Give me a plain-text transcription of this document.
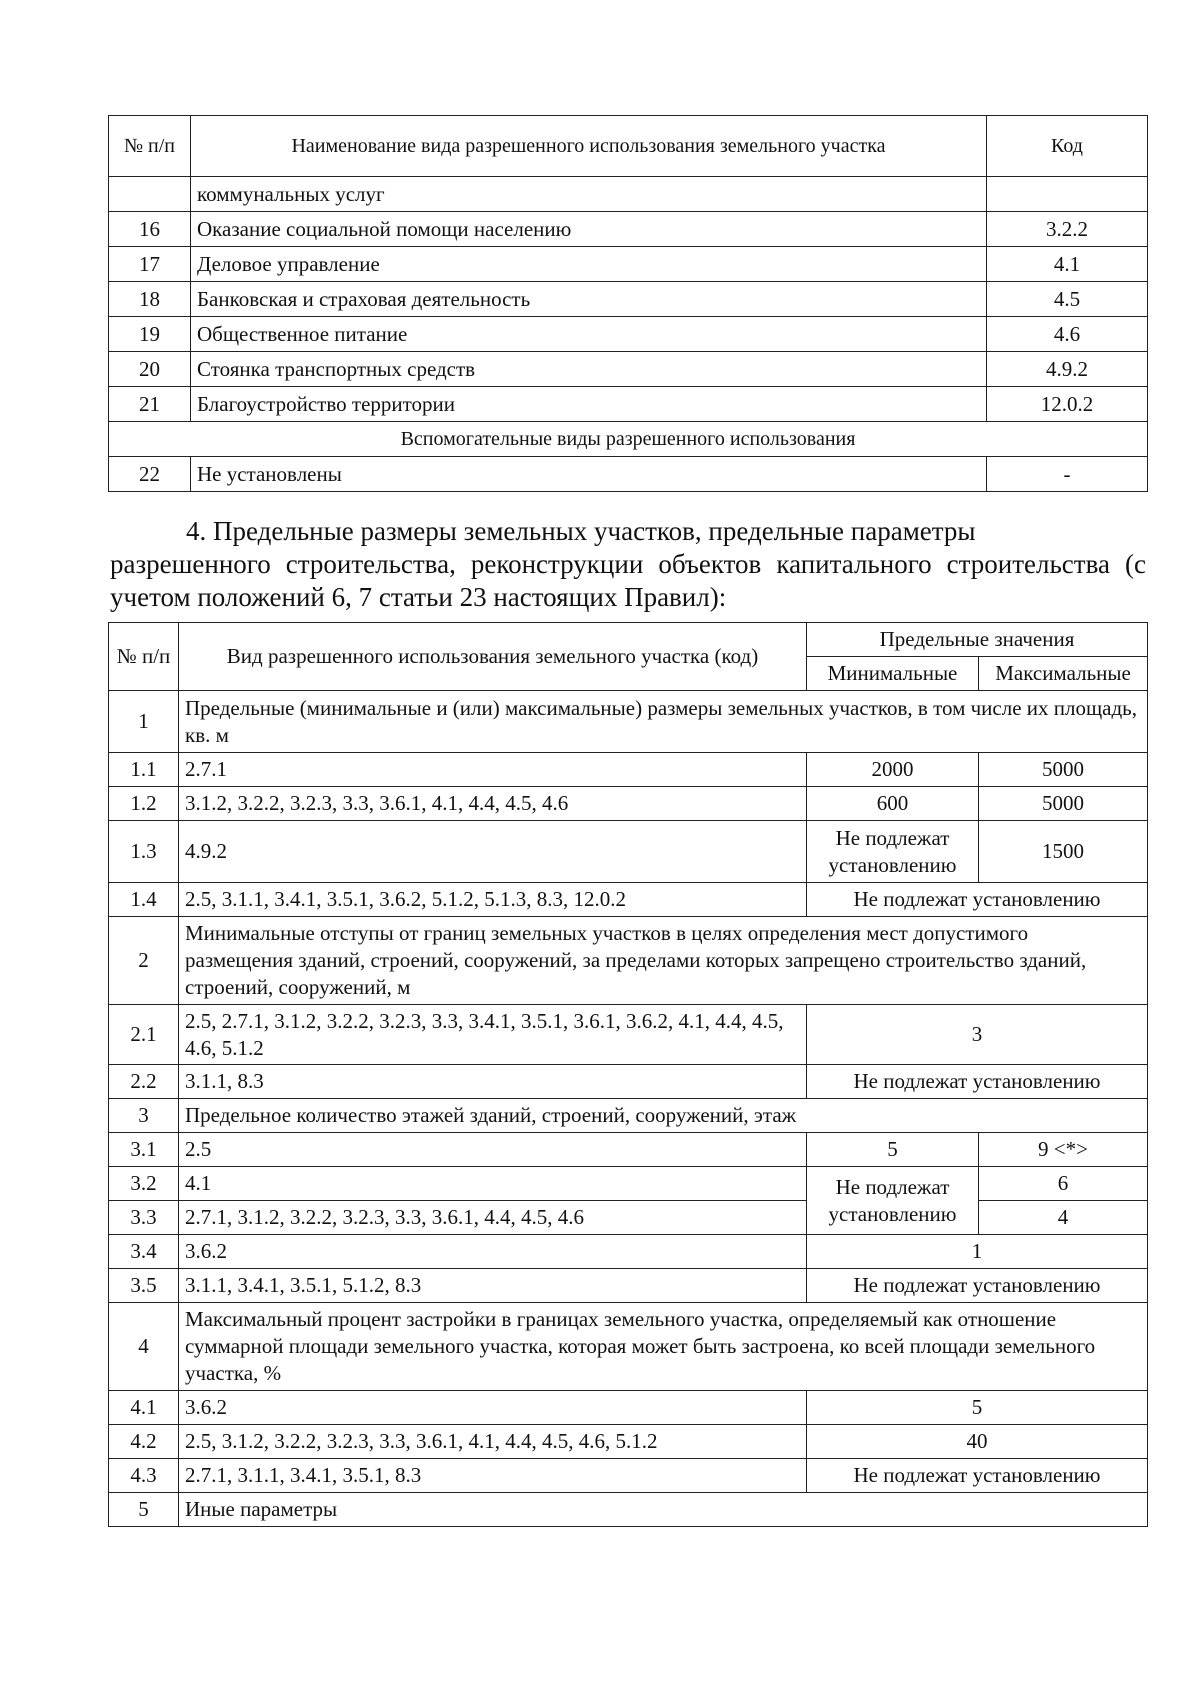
№ п/п	Наименование вида разрешенного использования земельного участка	Код
	коммунальных услуг	
16	Оказание социальной помощи населению	3.2.2
17	Деловое управление	4.1
18	Банковская и страховая деятельность	4.5
19	Общественное питание	4.6
20	Стоянка транспортных средств	4.9.2
21	Благоустройство территории	12.0.2
Вспомогательные виды разрешенного использования		
22	Не установлены	-

4. Предельные размеры земельных участков, предельные параметры
разрешенного строительства, реконструкции объектов капитального строительства (с учетом положений 6, 7 статьи 23 настоящих Правил):

№ п/п	Вид разрешенного использования земельного участка (код)	Предельные значения	
		Минимальные	Максимальные
1	Предельные (минимальные и (или) максимальные) размеры земельных участков, в том числе их площадь, кв. м		
1.1	2.7.1	2000	5000
1.2	3.1.2, 3.2.2, 3.2.3, 3.3, 3.6.1, 4.1, 4.4, 4.5, 4.6	600	5000
1.3	4.9.2	Не подлежат установлению	1500
1.4	2.5, 3.1.1, 3.4.1, 3.5.1, 3.6.2, 5.1.2, 5.1.3, 8.3, 12.0.2	Не подлежат установлению	
2	Минимальные отступы от границ земельных участков в целях определения мест допустимого размещения зданий, строений, сооружений, за пределами которых запрещено строительство зданий, строений, сооружений, м		
2.1	2.5, 2.7.1, 3.1.2, 3.2.2, 3.2.3, 3.3, 3.4.1, 3.5.1, 3.6.1, 3.6.2, 4.1, 4.4, 4.5, 4.6, 5.1.2	3	
2.2	3.1.1, 8.3	Не подлежат установлению	
3	Предельное количество этажей зданий, строений, сооружений, этаж		
3.1	2.5	5	9 <*>
3.2	4.1	Не подлежат установлению	6
3.3	2.7.1, 3.1.2, 3.2.2, 3.2.3, 3.3, 3.6.1, 4.4, 4.5, 4.6		4
3.4	3.6.2	1	
3.5	3.1.1, 3.4.1, 3.5.1, 5.1.2, 8.3	Не подлежат установлению	
4	Максимальный процент застройки в границах земельного участка, определяемый как отношение суммарной площади земельного участка, которая может быть застроена, ко всей площади земельного участка, %		
4.1	3.6.2	5	
4.2	2.5, 3.1.2, 3.2.2, 3.2.3, 3.3, 3.6.1, 4.1, 4.4, 4.5, 4.6, 5.1.2	40	
4.3	2.7.1, 3.1.1, 3.4.1, 3.5.1, 8.3	Не подлежат установлению	
5	Иные параметры		
